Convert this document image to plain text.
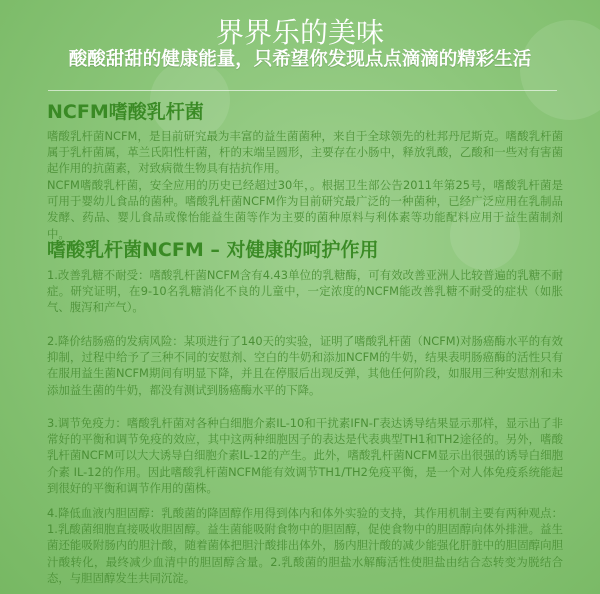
界界乐的美味
酸酸甜甜的健康能量，只希望你发现点点滴滴的精彩生活
NCFM嗜酸乳杆菌

嗜酸乳杆菌NCFM，是目前研究最为丰富的益生菌菌种，来自于全球领先的杜邦丹尼斯克。嗜酸乳杆菌属于乳杆菌属，革兰氏阳性杆菌，杆的末端呈圆形，主要存在小肠中，释放乳酸，乙酸和一些对有害菌起作用的抗菌素，对致病微生物具有拮抗作用。

NCFM嗜酸乳杆菌，安全应用的历史已经超过30年，。根据卫生部公告2011年第25号，嗜酸乳杆菌是可用于婴幼儿食品的菌种。嗜酸乳杆菌NCFM作为目前研究最广泛的一种菌种，已经广泛应用在乳制品发酵、药品、婴儿食品或像怡能益生菌等作为主要的菌种原料与利体素等功能配料应用于益生菌制剂中。

嗜酸乳杆菌NCFM – 对健康的呵护作用

1.改善乳糖不耐受：嗜酸乳杆菌NCFM含有4.43单位的乳糖酶，可有效改善亚洲人比较普遍的乳糖不耐症。研究证明，在9-10名乳糖消化不良的儿童中，一定浓度的NCFM能改善乳糖不耐受的症状（如胀气、腹泻和产气）。

2.降价结肠癌的发病风险：某项进行了140天的实验，证明了嗜酸乳杆菌（NCFM)对肠癌酶水平的有效抑制，过程中给予了三种不同的安慰剂、空白的牛奶和添加NCFM的牛奶，结果表明肠癌酶的活性只有在服用益生菌NCFM期间有明显下降，并且在停服后出现反弹，其他任何阶段，如服用三种安慰剂和未添加益生菌的牛奶，都没有测试到肠癌酶水平的下降。

3.调节免疫力：嗜酸乳杆菌对各种白细胞介素IL-10和干扰素IFN-Γ表达诱导结果显示那样，显示出了非常好的平衡和调节免疫的效应，其中这两种细胞因子的表达是代表典型TH1和TH2途径的。另外，嗜酸乳杆菌NCFM可以大大诱导白细胞介素IL-12的产生。此外，嗜酸乳杆菌NCFM显示出很强的诱导白细胞介素 IL-12的作用。因此嗜酸乳杆菌NCFM能有效调节TH1/TH2免疫平衡，是一个对人体免疫系统能起到很好的平衡和调节作用的菌株。

4.降低血液内胆固醇：乳酸菌的降固醇作用得到体内和体外实验的支持，其作用机制主要有两种观点：1.乳酸菌细胞直接吸收胆固醇。益生菌能吸附食物中的胆固醇，促使食物中的胆固醇向体外排泄。益生菌还能吸附肠内的胆汁酸，随着菌体把胆汁酸排出体外，肠内胆汁酸的减少能强化肝脏中的胆固醇向胆汁酸转化，最终减少血清中的胆固醇含量。2.乳酸菌的胆盐水解酶活性使胆盐由结合态转变为脱结合态，与胆固醇发生共同沉淀。
